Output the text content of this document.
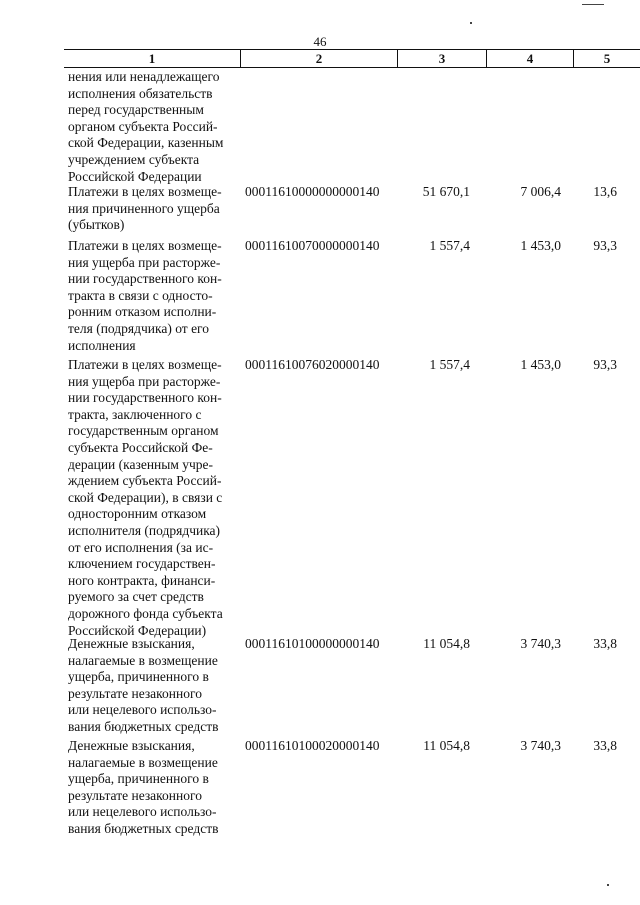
46
1	2	3	4	5
нения или ненадлежащего
исполнения обязательств
перед государственным
органом субъекта Россий-
ской Федерации, казенным
учреждением субъекта
Российской Федерации
Платежи в целях возмеще-
ния причиненного ущерба
(убытков)
00011610000000000140	51 670,1	7 006,4	13,6
Платежи в целях возмеще-
ния ущерба при расторже-
нии государственного кон-
тракта в связи с односто-
ронним отказом исполни-
теля (подрядчика) от его
исполнения
00011610070000000140	1 557,4	1 453,0	93,3
Платежи в целях возмеще-
ния ущерба при расторже-
нии государственного кон-
тракта, заключенного с
государственным органом
субъекта Российской Фе-
дерации (казенным учре-
ждением субъекта Россий-
ской Федерации), в связи с
односторонним отказом
исполнителя (подрядчика)
от его исполнения (за ис-
ключением государствен-
ного контракта, финанси-
руемого за счет средств
дорожного фонда субъекта
Российской Федерации)
00011610076020000140	1 557,4	1 453,0	93,3
Денежные взыскания,
налагаемые в возмещение
ущерба, причиненного в
результате незаконного
или нецелевого использо-
вания бюджетных средств
00011610100000000140	11 054,8	3 740,3	33,8
Денежные взыскания,
налагаемые в возмещение
ущерба, причиненного в
результате незаконного
или нецелевого использо-
вания бюджетных средств
00011610100020000140	11 054,8	3 740,3	33,8
